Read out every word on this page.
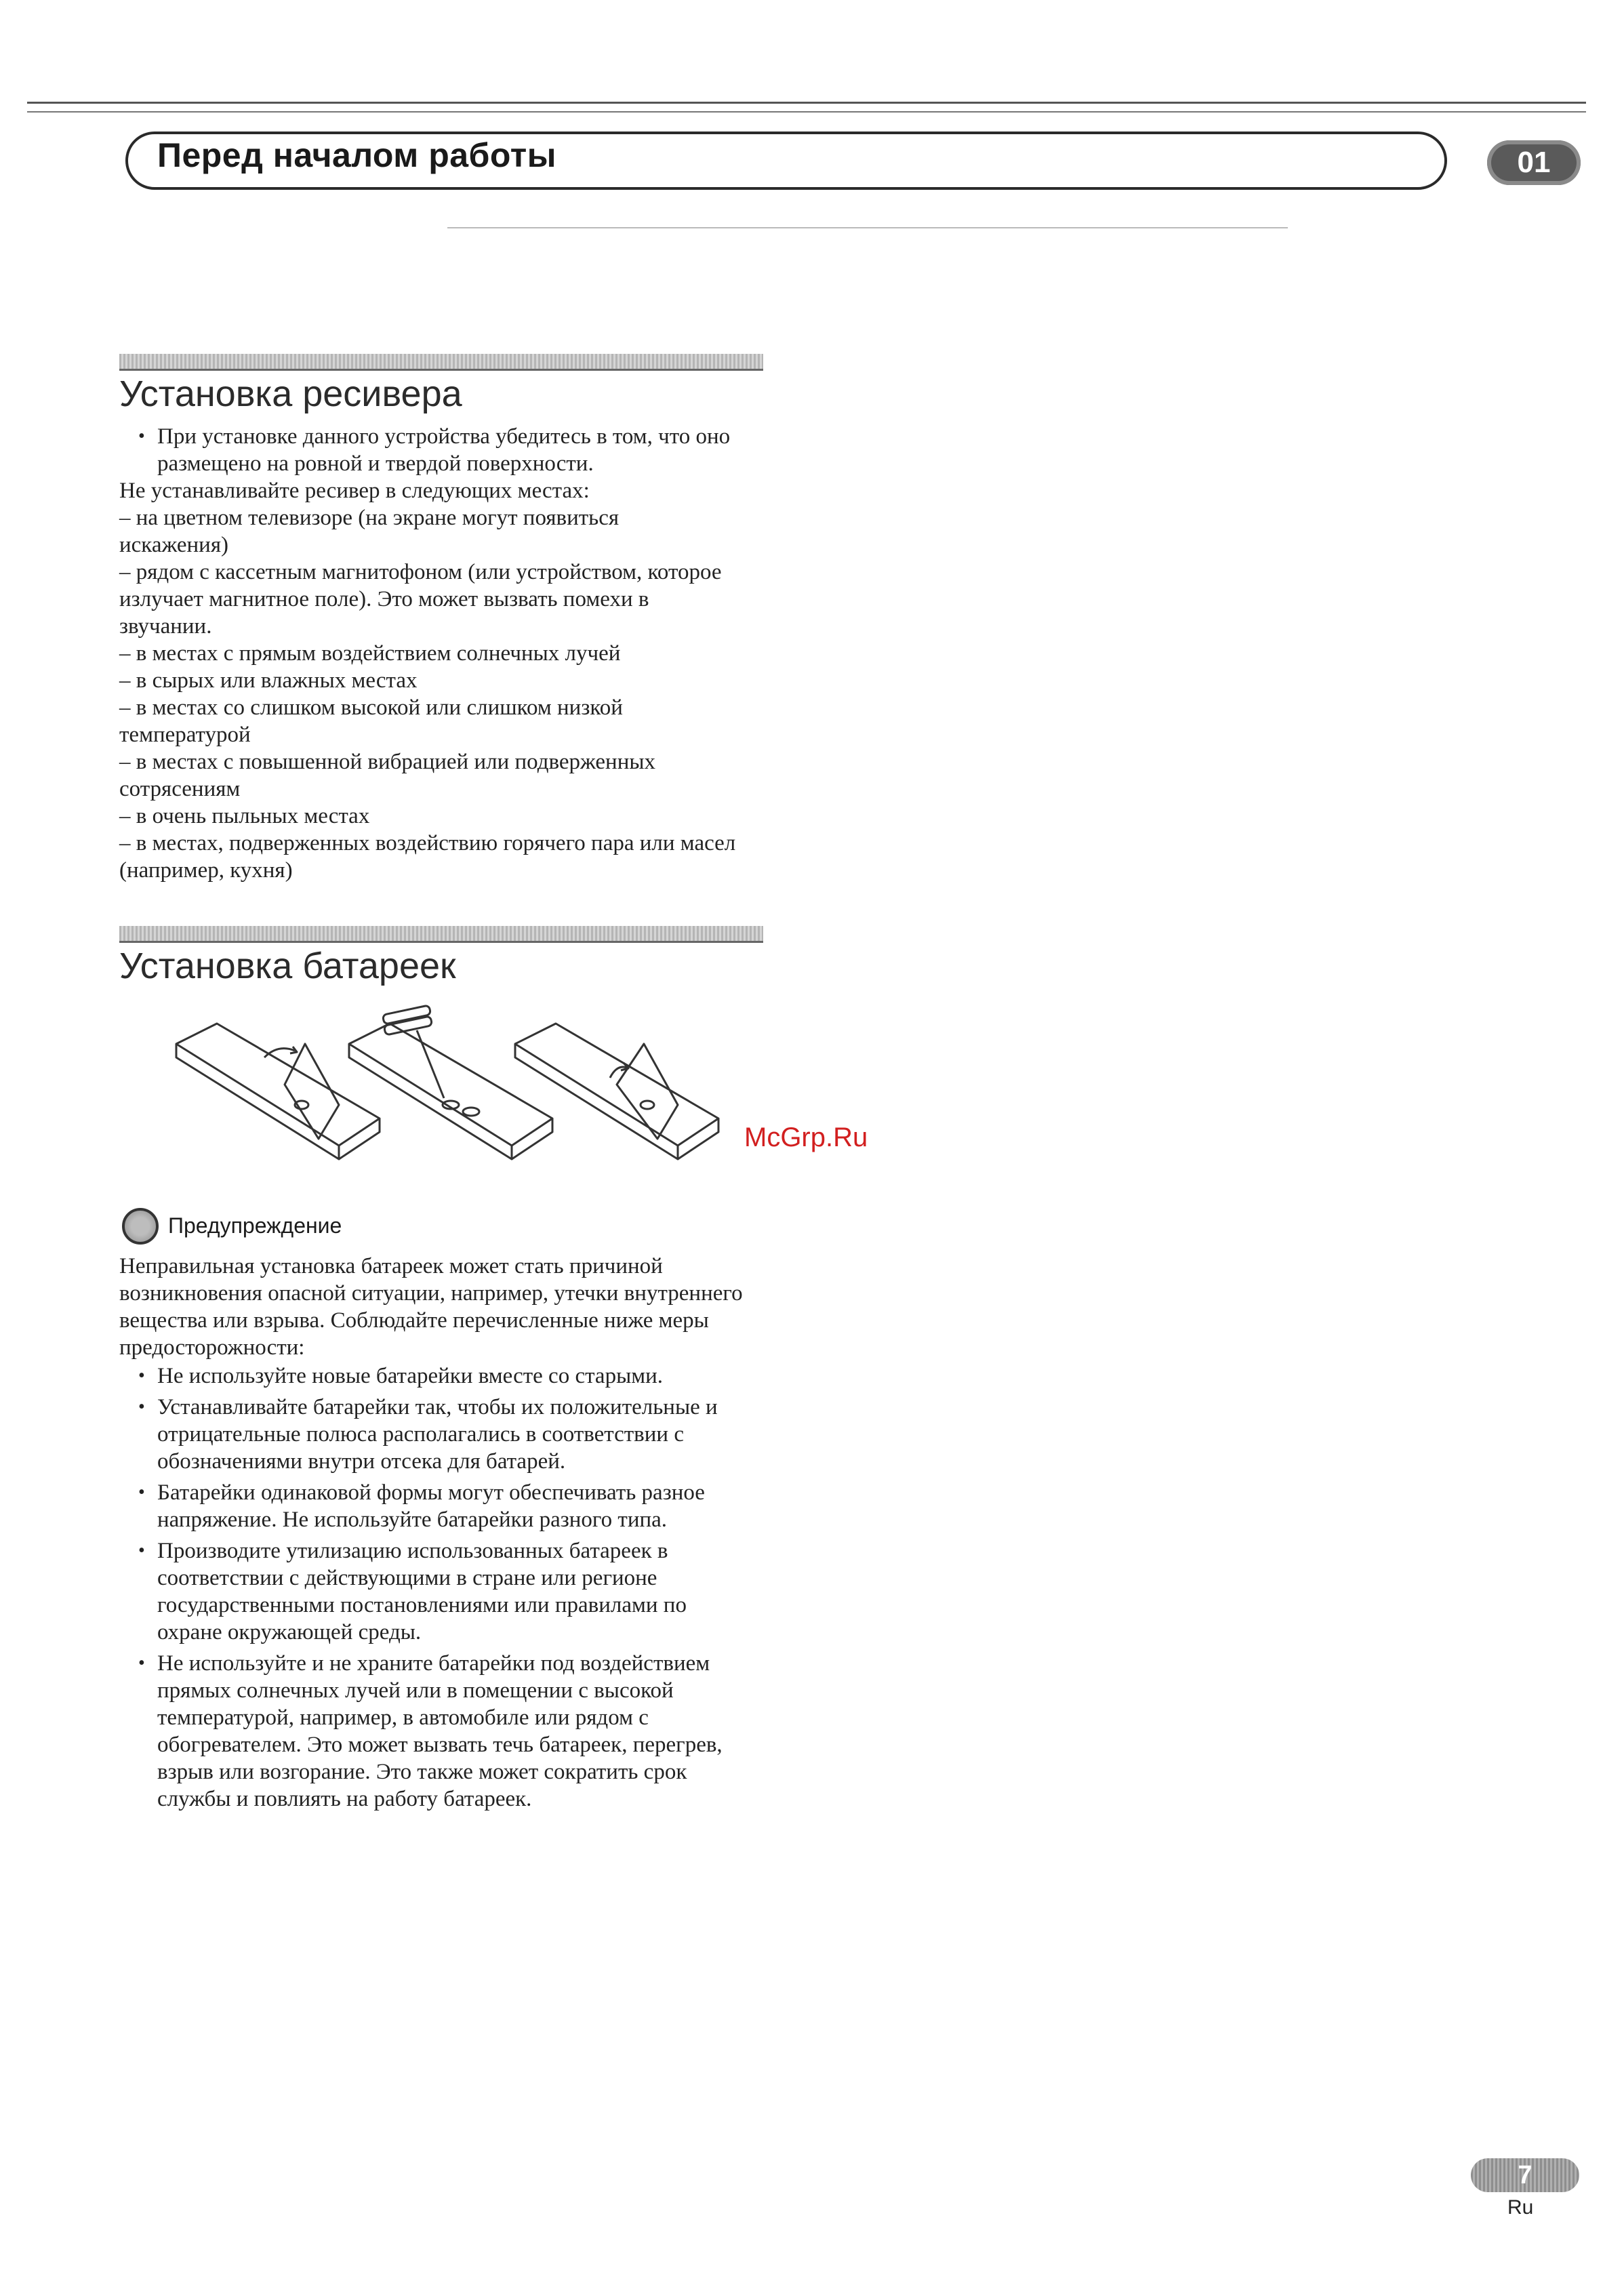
Перед началом работы	01
Установка ресивера

• При установке данного устройства убедитесь в том, что оно размещено на ровной и твердой поверхности.

Не устанавливайте ресивер в следующих местах:

– на цветном телевизоре (на экране могут появиться искажения)

– рядом с кассетным магнитофоном (или устройством, которое излучает магнитное поле). Это может вызвать помехи в звучании.

– в местах с прямым воздействием солнечных лучей

– в сырых или влажных местах

– в местах со слишком высокой или слишком низкой температурой

– в местах с повышенной вибрацией или подверженных сотрясениям

– в очень пыльных местах

– в местах, подверженных воздействию горячего пара или масел (например, кухня)

Установка батареек
McGrp.Ru
Предупреждение

Неправильная установка батареек может стать причиной возникновения опасной ситуации, например, утечки внутреннего вещества или взрыва. Соблюдайте перечисленные ниже меры предосторожности:

• Не используйте новые батарейки вместе со старыми.

• Устанавливайте батарейки так, чтобы их положительные и отрицательные полюса располагались в соответствии с обозначениями внутри отсека для батарей.

• Батарейки одинаковой формы могут обеспечивать разное напряжение. Не используйте батарейки разного типа.

• Производите утилизацию использованных батареек в соответствии с действующими в стране или регионе государственными постановлениями или правилами по охране окружающей среды.

• Не используйте и не храните батарейки под воздействием прямых солнечных лучей или в помещении с высокой температурой, например, в автомобиле или рядом с обогревателем. Это может вызвать течь батареек, перегрев, взрыв или возгорание. Это также может сократить срок службы и повлиять на работу батареек.

7
Ru
